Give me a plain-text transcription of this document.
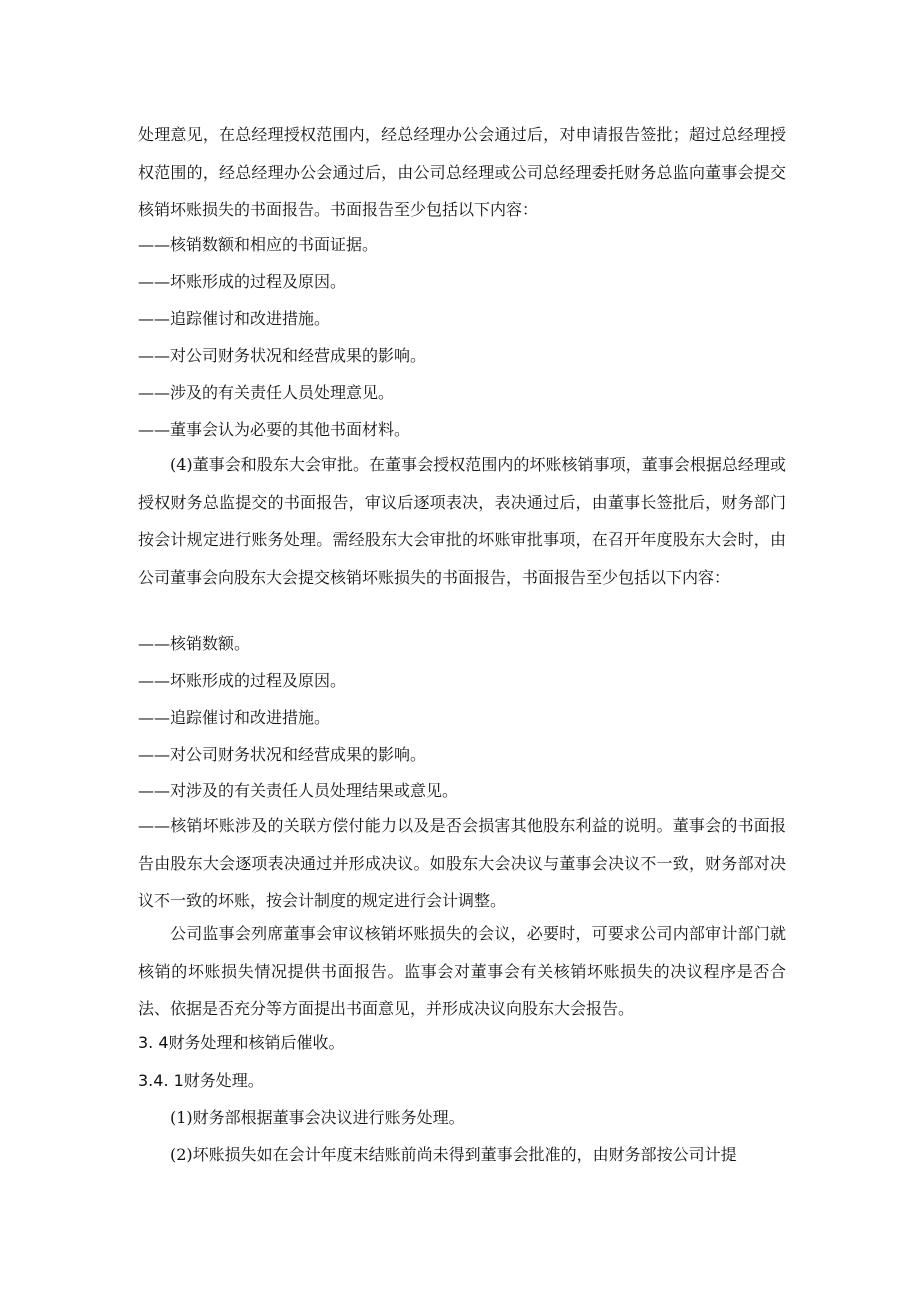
处理意见，在总经理授权范围内，经总经理办公会通过后，对申请报告签批；超过总经理授权范围的，经总经理办公会通过后，由公司总经理或公司总经理委托财务总监向董事会提交核销坏账损失的书面报告。书面报告至少包括以下内容：

——核销数额和相应的书面证据。

——坏账形成的过程及原因。

——追踪催讨和改进措施。

——对公司财务状况和经营成果的影响。

——涉及的有关责任人员处理意见。

——董事会认为必要的其他书面材料。

(4)董事会和股东大会审批。在董事会授权范围内的坏账核销事项，董事会根据总经理或授权财务总监提交的书面报告，审议后逐项表决，表决通过后，由董事长签批后，财务部门按会计规定进行账务处理。需经股东大会审批的坏账审批事项，在召开年度股东大会时，由公司董事会向股东大会提交核销坏账损失的书面报告，书面报告至少包括以下内容：

——核销数额。

——坏账形成的过程及原因。

——追踪催讨和改进措施。

——对公司财务状况和经营成果的影响。

——对涉及的有关责任人员处理结果或意见。

——核销坏账涉及的关联方偿付能力以及是否会损害其他股东利益的说明。董事会的书面报告由股东大会逐项表决通过并形成决议。如股东大会决议与董事会决议不一致，财务部对决议不一致的坏账，按会计制度的规定进行会计调整。

公司监事会列席董事会审议核销坏账损失的会议，必要时，可要求公司内部审计部门就核销的坏账损失情况提供书面报告。监事会对董事会有关核销坏账损失的决议程序是否合法、依据是否充分等方面提出书面意见，并形成决议向股东大会报告。

3. 4财务处理和核销后催收。

3.4. 1财务处理。

(1)财务部根据董事会决议进行账务处理。

(2)坏账损失如在会计年度末结账前尚未得到董事会批准的，由财务部按公司计提
